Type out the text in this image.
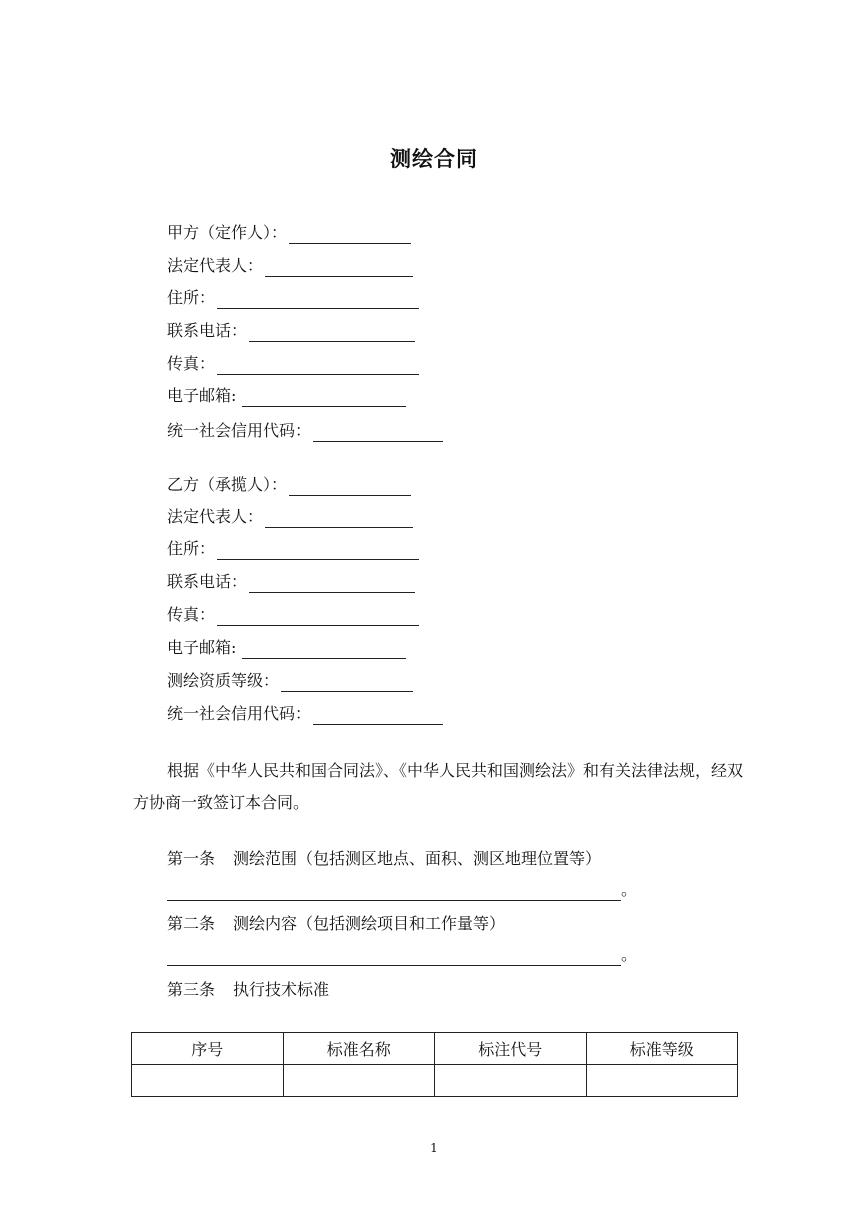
测绘合同
甲方（定作人）：
法定代表人：
住所：
联系电话：
传真：
电子邮箱:
统一社会信用代码：
乙方（承揽人）：
法定代表人：
住所：
联系电话：
传真：
电子邮箱:
测绘资质等级：
统一社会信用代码：
根据《中华人民共和国合同法》、《中华人民共和国测绘法》和有关法律法规，经双方协商一致签订本合同。
第一条 测绘范围（包括测区地点、面积、测区地理位置等）
。
第二条 测绘内容（包括测绘项目和工作量等）
。
第三条 执行技术标准
序号	标准名称	标注代号	标准等级

1
